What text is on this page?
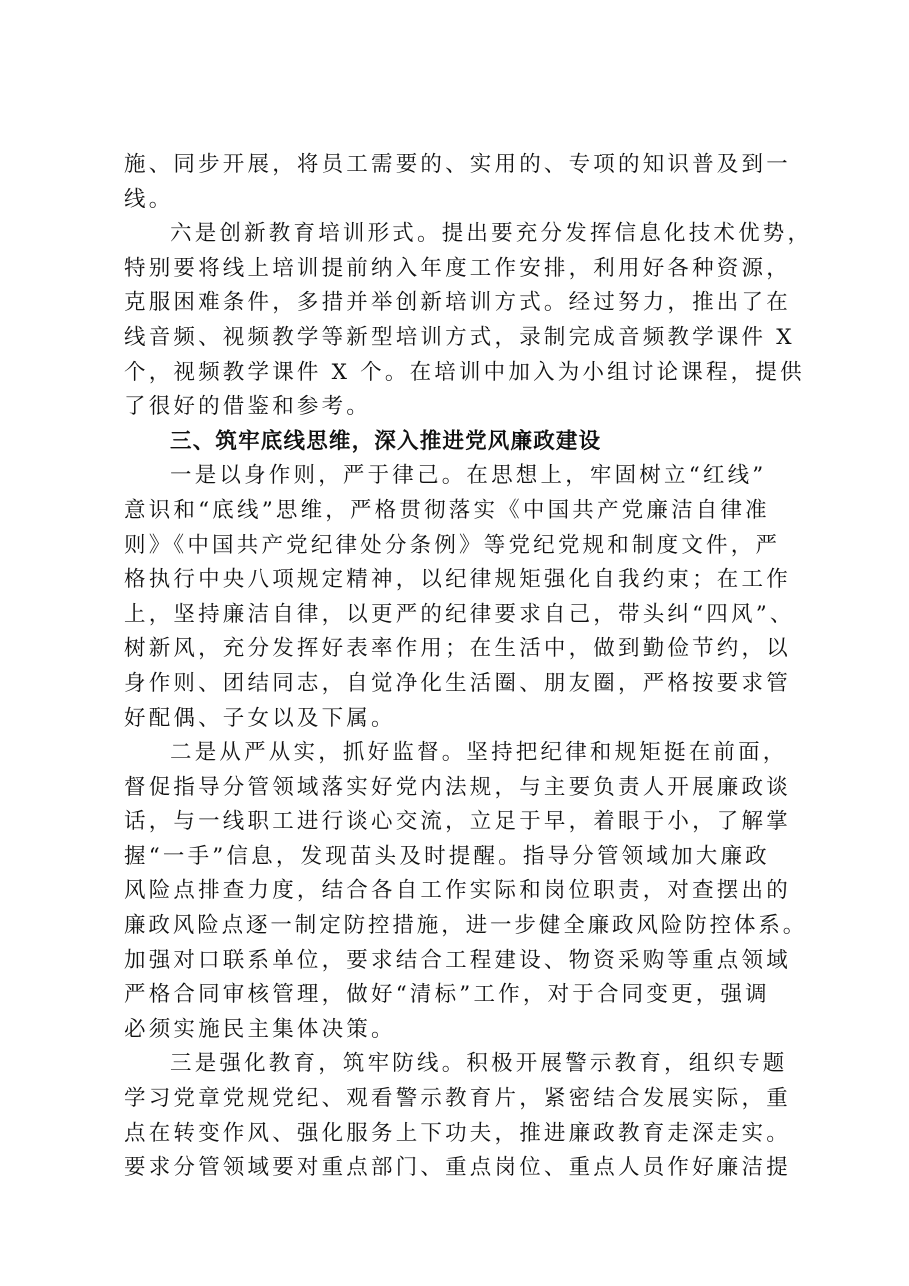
施、同步开展，将员工需要的、实用的、专项的知识普及到一
线。
六是创新教育培训形式。提出要充分发挥信息化技术优势，
特别要将线上培训提前纳入年度工作安排，利用好各种资源，
克服困难条件，多措并举创新培训方式。经过努力，推出了在
线音频、视频教学等新型培训方式，录制完成音频教学课件 X
个，视频教学课件 X 个。在培训中加入为小组讨论课程，提供
了很好的借鉴和参考。
三、筑牢底线思维，深入推进党风廉政建设
一是以身作则，严于律己。在思想上，牢固树立“红线”
意识和“底线”思维，严格贯彻落实《中国共产党廉洁自律准
则》《中国共产党纪律处分条例》等党纪党规和制度文件，严
格执行中央八项规定精神，以纪律规矩强化自我约束；在工作
上，坚持廉洁自律，以更严的纪律要求自己，带头纠“四风”、
树新风，充分发挥好表率作用；在生活中，做到勤俭节约，以
身作则、团结同志，自觉净化生活圈、朋友圈，严格按要求管
好配偶、子女以及下属。
二是从严从实，抓好监督。坚持把纪律和规矩挺在前面，
督促指导分管领域落实好党内法规，与主要负责人开展廉政谈
话，与一线职工进行谈心交流，立足于早，着眼于小，了解掌
握“一手”信息，发现苗头及时提醒。指导分管领域加大廉政
风险点排查力度，结合各自工作实际和岗位职责，对查摆出的
廉政风险点逐一制定防控措施，进一步健全廉政风险防控体系。
加强对口联系单位，要求结合工程建设、物资采购等重点领域
严格合同审核管理，做好“清标”工作，对于合同变更，强调
必须实施民主集体决策。
三是强化教育，筑牢防线。积极开展警示教育，组织专题
学习党章党规党纪、观看警示教育片，紧密结合发展实际，重
点在转变作风、强化服务上下功夫，推进廉政教育走深走实。
要求分管领域要对重点部门、重点岗位、重点人员作好廉洁提
